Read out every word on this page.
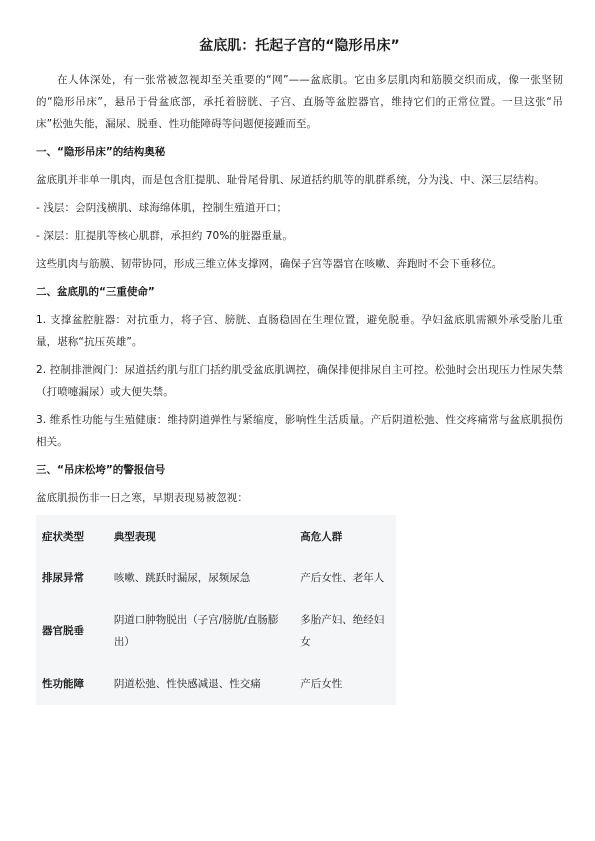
盆底肌：托起子宫的“隐形吊床”

在人体深处，有一张常被忽视却至关重要的“网”——盆底肌。它由多层肌肉和筋膜交织而成，像一张坚韧的“隐形吊床”，悬吊于骨盆底部，承托着膀胱、子宫、直肠等盆腔器官，维持它们的正常位置。一旦这张“吊床”松弛失能，漏尿、脱垂、性功能障碍等问题便接踵而至。

一、“隐形吊床”的结构奥秘

盆底肌并非单一肌肉，而是包含肛提肌、耻骨尾骨肌、尿道括约肌等的肌群系统，分为浅、中、深三层结构。

- 浅层：会阴浅横肌、球海绵体肌，控制生殖道开口；

- 深层：肛提肌等核心肌群，承担约 70%的脏器重量。

这些肌肉与筋膜、韧带协同，形成三维立体支撑网，确保子宫等器官在咳嗽、奔跑时不会下垂移位。

二、盆底肌的“三重使命”

1. 支撑盆腔脏器：对抗重力，将子宫、膀胱、直肠稳固在生理位置，避免脱垂。孕妇盆底肌需额外承受胎儿重量，堪称“抗压英雄”。

2. 控制排泄阀门：尿道括约肌与肛门括约肌受盆底肌调控，确保排便排尿自主可控。松弛时会出现压力性尿失禁（打喷嚏漏尿）或大便失禁。

3. 维系性功能与生殖健康：维持阴道弹性与紧缩度，影响性生活质量。产后阴道松弛、性交疼痛常与盆底肌损伤相关。

三、“吊床松垮”的警报信号

盆底肌损伤非一日之寒，早期表现易被忽视：

症状类型	典型表现	高危人群
排尿异常	咳嗽、跳跃时漏尿，尿频尿急	产后女性、老年人
器官脱垂	阴道口肿物脱出（子宫/膀胱/直肠膨出）	多胎产妇、绝经妇女
性功能障	阴道松弛、性快感减退、性交痛	产后女性
